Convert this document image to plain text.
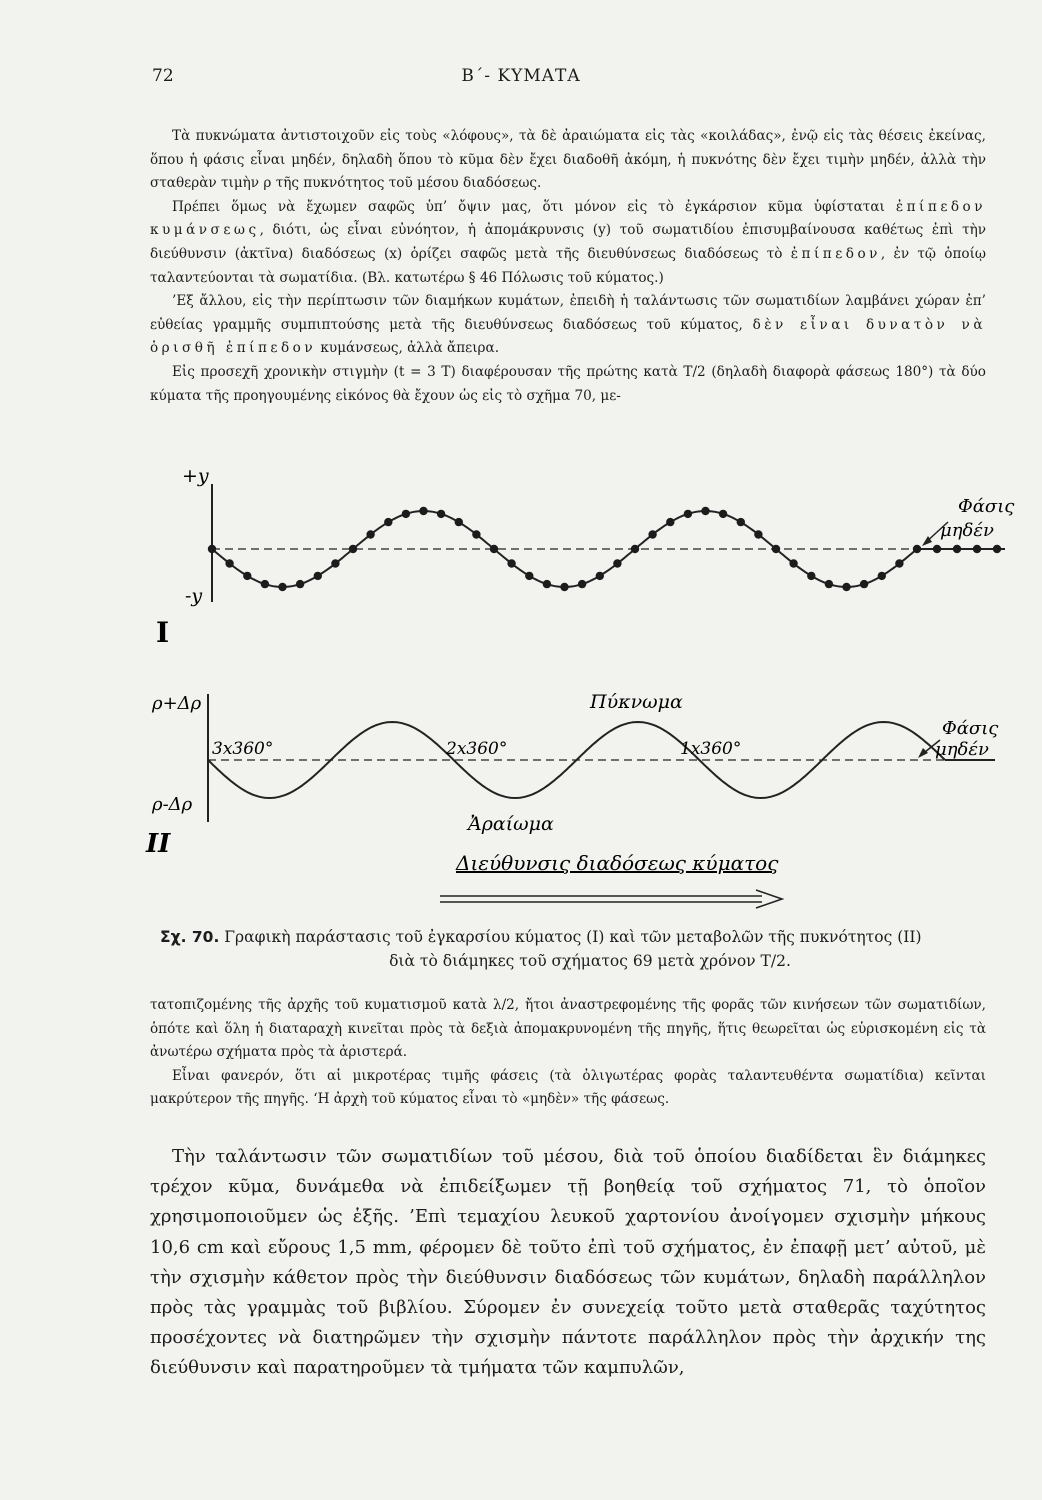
72	Β΄- ΚΥΜΑΤΑ

Τὰ πυκνώματα ἀντιστοιχοῦν εἰς τοὺς «λόφους», τὰ δὲ ἀραιώματα εἰς τὰς «κοιλάδας», ἐνῷ εἰς τὰς θέσεις ἐκείνας, ὅπου ἡ φάσις εἶναι μηδέν, δηλαδὴ ὅπου τὸ κῦμα δὲν ἔχει διαδοθῆ ἀκόμη, ἡ πυκνότης δὲν ἔχει τιμὴν μηδέν, ἀλλὰ τὴν σταθερὰν τιμὴν ρ τῆς πυκνότητος τοῦ μέσου διαδόσεως.

Πρέπει ὅμως νὰ ἔχωμεν σαφῶς ὑπ’ ὄψιν μας, ὅτι μόνον εἰς τὸ ἐγκάρσιον κῦμα ὑφίσταται ἐπίπεδον κυμάνσεως, διότι, ὡς εἶναι εὐνόητον, ἡ ἀπομάκρυνσις (y) τοῦ σωματιδίου ἐπισυμβαίνουσα καθέτως ἐπὶ τὴν διεύθυνσιν (ἀκτῖνα) διαδόσεως (x) ὁρίζει σαφῶς μετὰ τῆς διευθύνσεως διαδόσεως τὸ ἐπίπεδον, ἐν τῷ ὁποίῳ ταλαντεύονται τὰ σωματίδια. (Βλ. κατωτέρω § 46 Πόλωσις τοῦ κύματος.)

’Εξ ἄλλου, εἰς τὴν περίπτωσιν τῶν διαμήκων κυμάτων, ἐπειδὴ ἡ ταλάντωσις τῶν σωματιδίων λαμβάνει χώραν ἐπ’ εὐθείας γραμμῆς συμπιπτούσης μετὰ τῆς διευθύνσεως διαδόσεως τοῦ κύματος, δὲν εἶναι δυνατὸν νὰ ὁρισθῆ ἐπίπεδον κυμάνσεως, ἀλλὰ ἄπειρα.

Εἰς προσεχῆ χρονικὴν στιγμὴν (t = 3 T) διαφέρουσαν τῆς πρώτης κατὰ T/2 (δηλαδὴ διαφορὰ φάσεως 180°) τὰ δύο κύματα τῆς προηγουμένης εἰκόνος θὰ ἔχουν ὡς εἰς τὸ σχῆμα 70, με-

+y
-y
I
Φάσις
μηδέν
ρ+Δρ
ρ-Δρ
II
Πύκνωμα
Ἀραίωμα
3x360°	2x360°	1x360°
Φάσις
μηδέν
Διεύθυνσις διαδόσεως κύματος
Σχ. 70. Γραφικὴ παράστασις τοῦ ἐγκαρσίου κύματος (I) καὶ τῶν μεταβολῶν τῆς πυκνότητος (II)
διὰ τὸ διάμηκες τοῦ σχήματος 69 μετὰ χρόνον T/2.

τατοπιζομένης τῆς ἀρχῆς τοῦ κυματισμοῦ κατὰ λ/2, ἤτοι ἀναστρεφομένης τῆς φορᾶς τῶν κινήσεων τῶν σωματιδίων, ὁπότε καὶ ὅλη ἡ διαταραχὴ κινεῖται πρὸς τὰ δεξιὰ ἀπομακρυνομένη τῆς πηγῆς, ἥτις θεωρεῖται ὡς εὑρισκομένη εἰς τὰ ἀνωτέρω σχήματα πρὸς τὰ ἀριστερά.

Εἶναι φανερόν, ὅτι αἱ μικροτέρας τιμῆς φάσεις (τὰ ὀλιγωτέρας φορὰς ταλαντευθέντα σωματίδια) κεῖνται μακρύτερον τῆς πηγῆς. ‘Η ἀρχὴ τοῦ κύματος εἶναι τὸ «μηδὲν» τῆς φάσεως.

Τὴν ταλάντωσιν τῶν σωματιδίων τοῦ μέσου, διὰ τοῦ ὁποίου διαδίδεται ἓν διάμηκες τρέχον κῦμα, δυνάμεθα νὰ ἐπιδείξωμεν τῇ βοηθείᾳ τοῦ σχήματος 71, τὸ ὁποῖον χρησιμοποιοῦμεν ὡς ἑξῆς. ’Επὶ τεμαχίου λευκοῦ χαρτονίου ἀνοίγομεν σχισμὴν μήκους 10,6 cm καὶ εὔρους 1,5 mm, φέρομεν δὲ τοῦτο ἐπὶ τοῦ σχήματος, ἐν ἐπαφῇ μετ’ αὐτοῦ, μὲ τὴν σχισμὴν κάθετον πρὸς τὴν διεύθυνσιν διαδόσεως τῶν κυμάτων, δηλαδὴ παράλληλον πρὸς τὰς γραμμὰς τοῦ βιβλίου. Σύρομεν ἐν συνεχείᾳ τοῦτο μετὰ σταθερᾶς ταχύτητος προσέχοντες νὰ διατηρῶμεν τὴν σχισμὴν πάντοτε παράλληλον πρὸς τὴν ἀρχικήν της διεύθυνσιν καὶ παρατηροῦμεν τὰ τμήματα τῶν καμπυλῶν,
